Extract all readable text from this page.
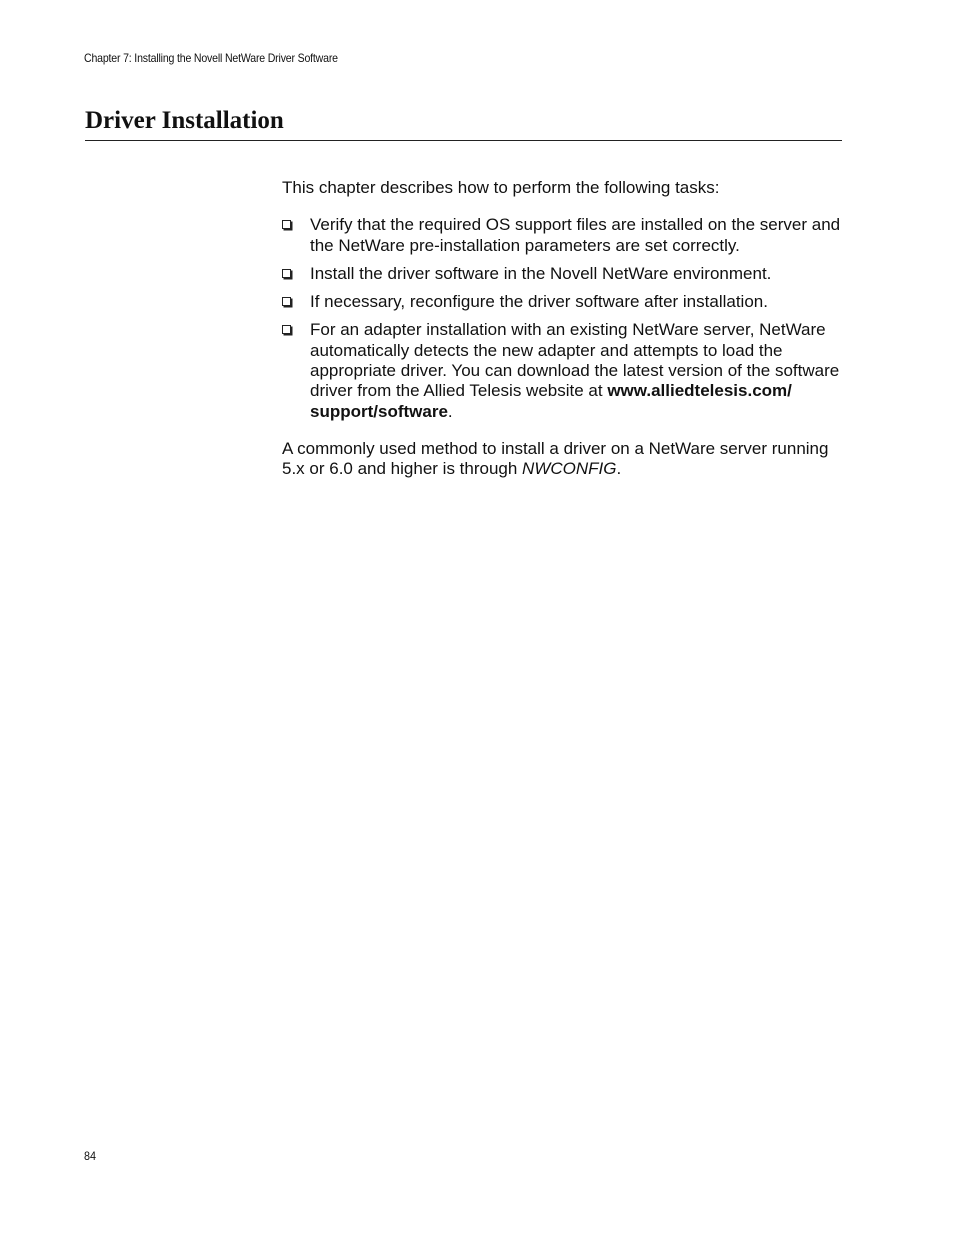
Chapter 7: Installing the Novell NetWare Driver Software
Driver Installation

This chapter describes how to perform the following tasks:

Verify that the required OS support files are installed on the server and the NetWare pre-installation parameters are set correctly.
Install the driver software in the Novell NetWare environment.
If necessary, reconfigure the driver software after installation.
For an adapter installation with an existing NetWare server, NetWare automatically detects the new adapter and attempts to load the appropriate driver. You can download the latest version of the software driver from the Allied Telesis website at www.alliedtelesis.com/ support/software.

A commonly used method to install a driver on a NetWare server running 5.x or 6.0 and higher is through NWCONFIG.

84
